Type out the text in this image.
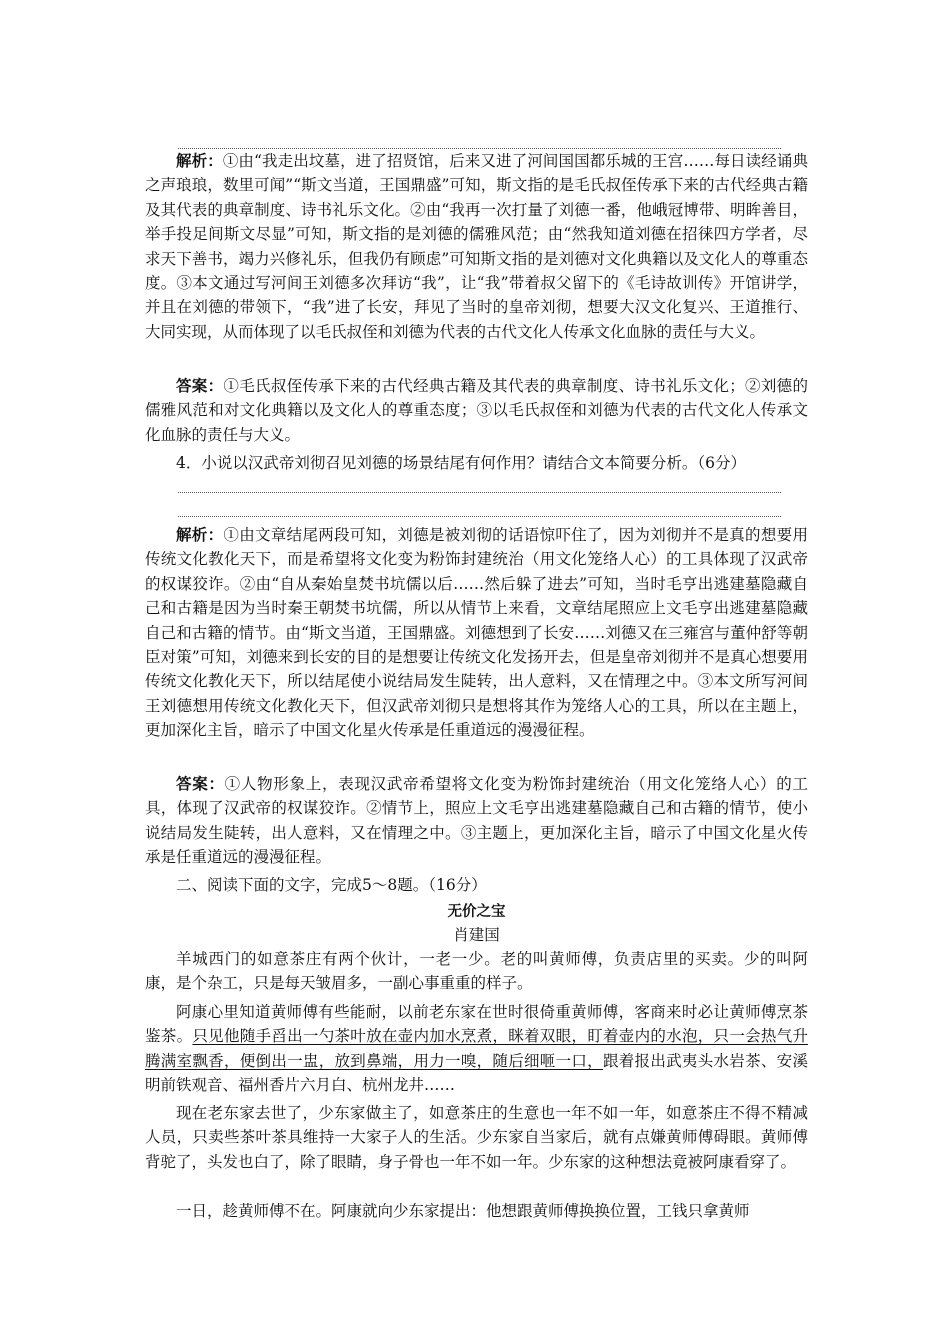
解析：①由“我走出坟墓，进了招贤馆，后来又进了河间国国都乐城的王宫……每日读经诵典之声琅琅，数里可闻”“斯文当道，王国鼎盛”可知，斯文指的是毛氏叔侄传承下来的古代经典古籍及其代表的典章制度、诗书礼乐文化。②由“我再一次打量了刘德一番，他峨冠博带、明眸善目，举手投足间斯文尽显”可知，斯文指的是刘德的儒雅风范；由“然我知道刘德在招徕四方学者，尽求天下善书，竭力兴修礼乐，但我仍有顾虑”可知斯文指的是刘德对文化典籍以及文化人的尊重态度。③本文通过写河间王刘德多次拜访“我”，让“我”带着叔父留下的《毛诗故训传》开馆讲学，并且在刘德的带领下，“我”进了长安，拜见了当时的皇帝刘彻，想要大汉文化复兴、王道推行、大同实现，从而体现了以毛氏叔侄和刘德为代表的古代文化人传承文化血脉的责任与大义。

答案：①毛氏叔侄传承下来的古代经典古籍及其代表的典章制度、诗书礼乐文化；②刘德的儒雅风范和对文化典籍以及文化人的尊重态度；③以毛氏叔侄和刘德为代表的古代文化人传承文化血脉的责任与大义。

4．小说以汉武帝刘彻召见刘德的场景结尾有何作用？请结合文本简要分析。（6分）

解析：①由文章结尾两段可知，刘德是被刘彻的话语惊吓住了，因为刘彻并不是真的想要用传统文化教化天下，而是希望将文化变为粉饰封建统治（用文化笼络人心）的工具体现了汉武帝的权谋狡诈。②由“自从秦始皇焚书坑儒以后……然后躲了进去”可知，当时毛亨出逃建墓隐藏自己和古籍是因为当时秦王朝焚书坑儒，所以从情节上来看，文章结尾照应上文毛亨出逃建墓隐藏自己和古籍的情节。由“斯文当道，王国鼎盛。刘德想到了长安……刘德又在三雍宫与董仲舒等朝臣对策”可知，刘德来到长安的目的是想要让传统文化发扬开去，但是皇帝刘彻并不是真心想要用传统文化教化天下，所以结尾使小说结局发生陡转，出人意料，又在情理之中。③本文所写河间王刘德想用传统文化教化天下，但汉武帝刘彻只是想将其作为笼络人心的工具，所以在主题上，更加深化主旨，暗示了中国文化星火传承是任重道远的漫漫征程。

答案：①人物形象上，表现汉武帝希望将文化变为粉饰封建统治（用文化笼络人心）的工具，体现了汉武帝的权谋狡诈。②情节上，照应上文毛亨出逃建墓隐藏自己和古籍的情节，使小说结局发生陡转，出人意料，又在情理之中。③主题上，更加深化主旨，暗示了中国文化星火传承是任重道远的漫漫征程。

二、阅读下面的文字，完成5～8题。（16分）

无价之宝

肖建国

羊城西门的如意茶庄有两个伙计，一老一少。老的叫黄师傅，负责店里的买卖。少的叫阿康，是个杂工，只是每天皱眉多，一副心事重重的样子。

阿康心里知道黄师傅有些能耐，以前老东家在世时很倚重黄师傅，客商来时必让黄师傅烹茶鉴茶。只见他随手舀出一勺茶叶放在壶内加水烹煮，眯着双眼，盯着壶内的水泡，只一会热气升腾满室飘香，便倒出一盅，放到鼻端，用力一嗅，随后细咂一口，跟着报出武夷头水岩茶、安溪明前铁观音、福州香片六月白、杭州龙井……

现在老东家去世了，少东家做主了，如意茶庄的生意也一年不如一年，如意茶庄不得不精减人员，只卖些茶叶茶具维持一大家子人的生活。少东家自当家后，就有点嫌黄师傅碍眼。黄师傅背驼了，头发也白了，除了眼睛，身子骨也一年不如一年。少东家的这种想法竟被阿康看穿了。

一日，趁黄师傅不在。阿康就向少东家提出：他想跟黄师傅换换位置，工钱只拿黄师
